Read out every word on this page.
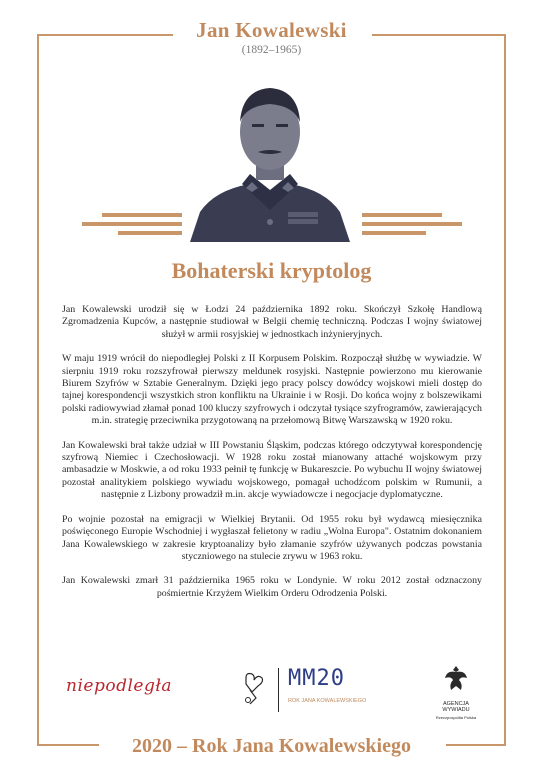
Jan Kowalewski
(1892–1965)
Bohaterski kryptolog

Jan Kowalewski urodził się w Łodzi 24 października 1892 roku. Skończył Szkołę Handlową Zgromadzenia Kupców, a następnie studiował w Belgii chemię techniczną. Podczas I wojny światowej służył w armii rosyjskiej w jednostkach inżynieryjnych.

W maju 1919 wrócił do niepodległej Polski z II Korpusem Polskim. Rozpoczął służbę w wywiadzie. W sierpniu 1919 roku rozszyfrował pierwszy meldunek rosyjski. Następnie powierzono mu kierowanie Biurem Szyfrów w Sztabie Generalnym. Dzięki jego pracy polscy dowódcy wojskowi mieli dostęp do tajnej korespondencji wszystkich stron konfliktu na Ukrainie i w Rosji. Do końca wojny z bolszewikami polski radiowywiad złamał ponad 100 kluczy szyfrowych i odczytał tysiące szyfrogramów, zawierających m.in. strategię przeciwnika przygotowaną na przełomową Bitwę Warszawską w 1920 roku.

Jan Kowalewski brał także udział w III Powstaniu Śląskim, podczas którego odczytywał korespondencję szyfrową Niemiec i Czechosłowacji. W 1928 roku został mianowany attaché wojskowym przy ambasadzie w Moskwie, a od roku 1933 pełnił tę funkcję w Bukareszcie. Po wybuchu II wojny światowej pozostał analitykiem polskiego wywiadu wojskowego, pomagał uchodźcom polskim w Rumunii, a następnie z Lizbony prowadził m.in. akcje wywiadowcze i negocjacje dyplomatyczne.

Po wojnie pozostał na emigracji w Wielkiej Brytanii. Od 1955 roku był wydawcą miesięcznika poświęconego Europie Wschodniej i wygłaszał felietony w radiu „Wolna Europa". Ostatnim dokonaniem Jana Kowalewskiego w zakresie kryptoanalizy było złamanie szyfrów używanych podczas powstania styczniowego na stulecie zrywu w 1963 roku.

Jan Kowalewski zmarł 31 października 1965 roku w Londynie. W roku 2012 został odznaczony pośmiertnie Krzyżem Wielkim Orderu Odrodzenia Polski.

niepodległa	MM20
ROK JANA KOWALEWSKIEGO	AGENCJA WYWIADU
Rzeczpospolita Polska
2020 – Rok Jana Kowalewskiego
